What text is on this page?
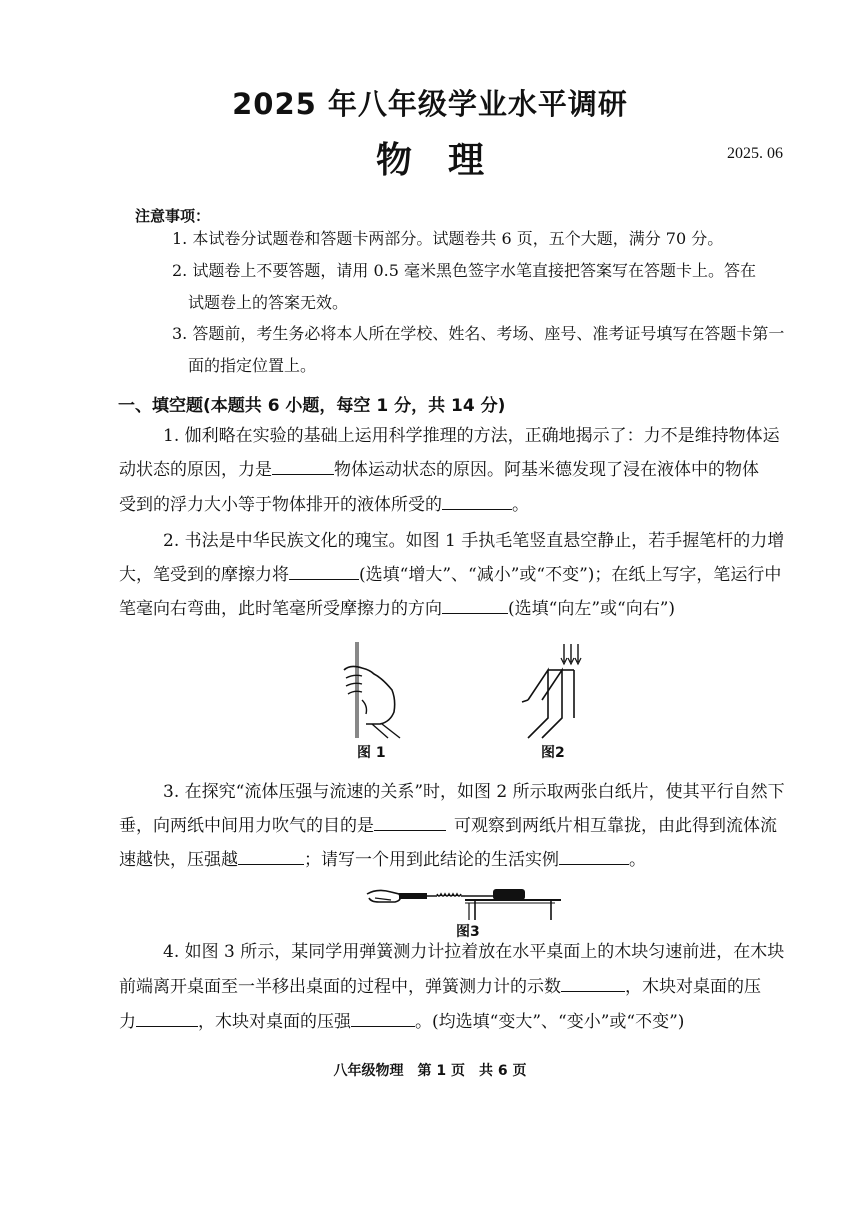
2025 年八年级学业水平调研
物　理	2025. 06
注意事项：
1. 本试卷分试题卷和答题卡两部分。试题卷共 6 页，五个大题，满分 70 分。
2. 试题卷上不要答题，请用 0.5 毫米黑色签字水笔直接把答案写在答题卡上。答在
试题卷上的答案无效。
3. 答题前，考生务必将本人所在学校、姓名、考场、座号、准考证号填写在答题卡第一
面的指定位置上。
一、填空题(本题共 6 小题，每空 1 分，共 14 分)
1. 伽利略在实验的基础上运用科学推理的方法，正确地揭示了：力不是维持物体运
动状态的原因，力是	物体运动状态的原因。阿基米德发现了浸在液体中的物体
受到的浮力大小等于物体排开的液体所受的	。
2. 书法是中华民族文化的瑰宝。如图 1 手执毛笔竖直悬空静止，若手握笔杆的力增
大，笔受到的摩擦力将	(选填“增大”、“减小”或“不变”)；在纸上写字，笔运行中
笔毫向右弯曲，此时笔毫所受摩擦力的方向	(选填“向左”或“向右”)
图 1	图2
3. 在探究“流体压强与流速的关系”时，如图 2 所示取两张白纸片，使其平行自然下
垂，向两纸中间用力吹气的目的是	可观察到两纸片相互靠拢，由此得到流体流
速越快，压强越	；请写一个用到此结论的生活实例	。
图3
4. 如图 3 所示，某同学用弹簧测力计拉着放在水平桌面上的木块匀速前进，在木块
前端离开桌面至一半移出桌面的过程中，弹簧测力计的示数	，木块对桌面的压
力	，木块对桌面的压强	。(均选填“变大”、“变小”或“不变”)
八年级物理　第 1 页　共 6 页
